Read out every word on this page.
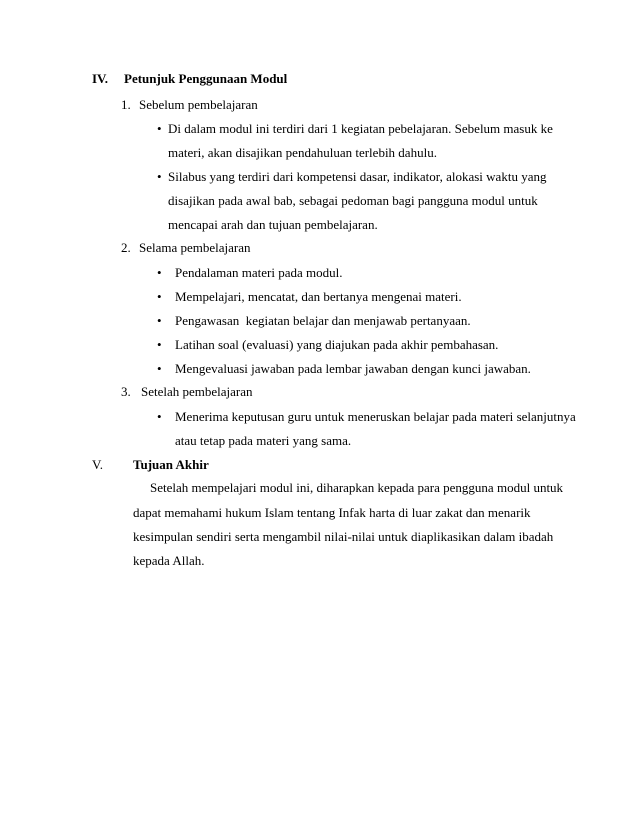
IV. Petunjuk Penggunaan Modul
1. Sebelum pembelajaran
• Di dalam modul ini terdiri dari 1 kegiatan pebelajaran. Sebelum masuk ke
materi, akan disajikan pendahuluan terlebih dahulu.
• Silabus yang terdiri dari kompetensi dasar, indikator, alokasi waktu yang
disajikan pada awal bab, sebagai pedoman bagi pangguna modul untuk
mencapai arah dan tujuan pembelajaran.
2. Selama pembelajaran
• Pendalaman materi pada modul.
• Mempelajari, mencatat, dan bertanya mengenai materi.
• Pengawasan  kegiatan belajar dan menjawab pertanyaan.
• Latihan soal (evaluasi) yang diajukan pada akhir pembahasan.
• Mengevaluasi jawaban pada lembar jawaban dengan kunci jawaban.
3. Setelah pembelajaran
• Menerima keputusan guru untuk meneruskan belajar pada materi selanjutnya
atau tetap pada materi yang sama.
V. Tujuan Akhir
Setelah mempelajari modul ini, diharapkan kepada para pengguna modul untuk
dapat memahami hukum Islam tentang Infak harta di luar zakat dan menarik
kesimpulan sendiri serta mengambil nilai-nilai untuk diaplikasikan dalam ibadah
kepada Allah.
